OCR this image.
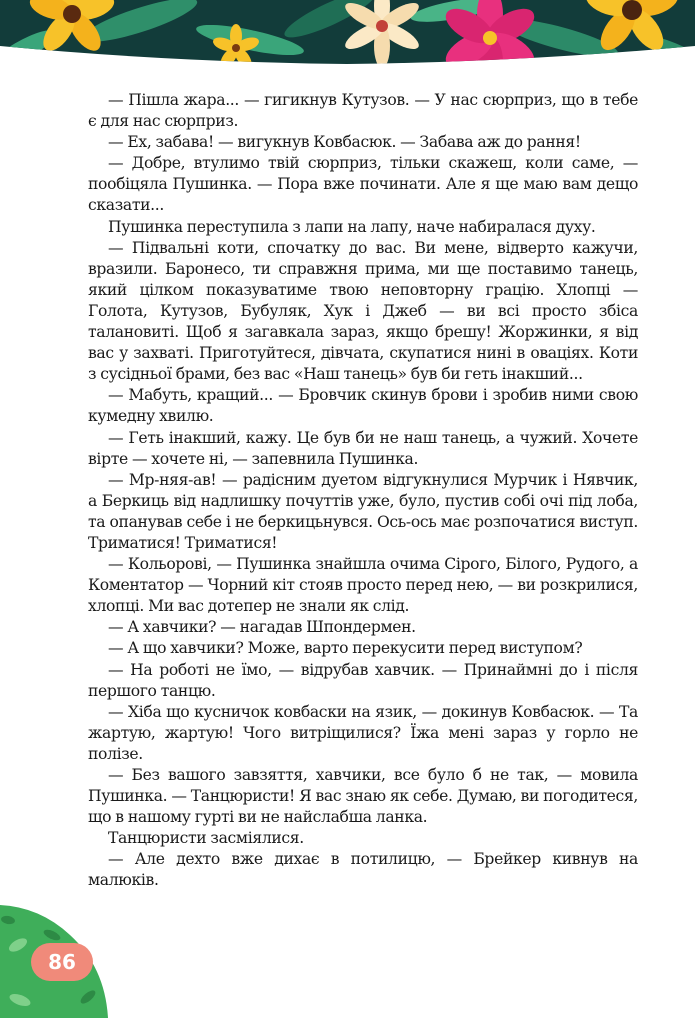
— Пішла жара... — гигикнув Кутузов. — У нас сюрприз, що в тебе є для нас сюрприз.

— Ех, забава! — вигукнув Ковбасюк. — Забава аж до рання!

— Добре, втулимо твій сюрприз, тільки скажеш, коли саме, — пообіцяла Пушинка. — Пора вже починати. Але я ще маю вам дещо сказати...

Пушинка переступила з лапи на лапу, наче набиралася духу.

— Підвальні коти, спочатку до вас. Ви мене, відверто кажучи, вразили. Баронесо, ти справжня прима, ми ще поставимо танець, який цілком показуватиме твою неповторну грацію. Хлопці — Голота, Кутузов, Бубуляк, Хук і Джеб — ви всі просто збіса талановиті. Щоб я загавкала зараз, якщо брешу! Жоржинки, я від вас у захваті. Приготуйтеся, дівчата, скупатися нині в оваціях. Коти з сусідньої брами, без вас «Наш танець» був би геть інакший...

— Мабуть, кращий... — Бровчик скинув брови і зробив ними свою кумедну хвилю.

— Геть інакший, кажу. Це був би не наш танець, а чужий. Хочете вірте — хочете ні, — запевнила Пушинка.

— Мр-няя-ав! — радісним дуетом відгукнулися Мурчик і Нявчик, а Беркиць від надлишку почуттів уже, було, пустив собі очі під лоба, та опанував себе і не беркицьнувся. Ось-ось має розпочатися виступ. Триматися! Триматися!

— Кольорові, — Пушинка знайшла очима Сірого, Білого, Рудого, а Коментатор — Чорний кіт стояв просто перед нею, — ви розкрилися, хлопці. Ми вас дотепер не знали як слід.

— А хавчики? — нагадав Шпондермен.

— А що хавчики? Може, варто перекусити перед виступом?

— На роботі не їмо, — відрубав хавчик. — Принаймні до і після першого танцю.

— Хіба що кусничок ковбаски на язик, — докинув Ковбасюк. — Та жартую, жартую! Чого витріщилися? Їжа мені зараз у горло не полізе.

— Без вашого завзяття, хавчики, все було б не так, — мовила Пушинка. — Танцюристи! Я вас знаю як себе. Думаю, ви погодитеся, що в нашому гурті ви не найслабша ланка.

Танцюристи засміялися.

— Але дехто вже дихає в потилицю, — Брейкер кивнув на малюків.

86
